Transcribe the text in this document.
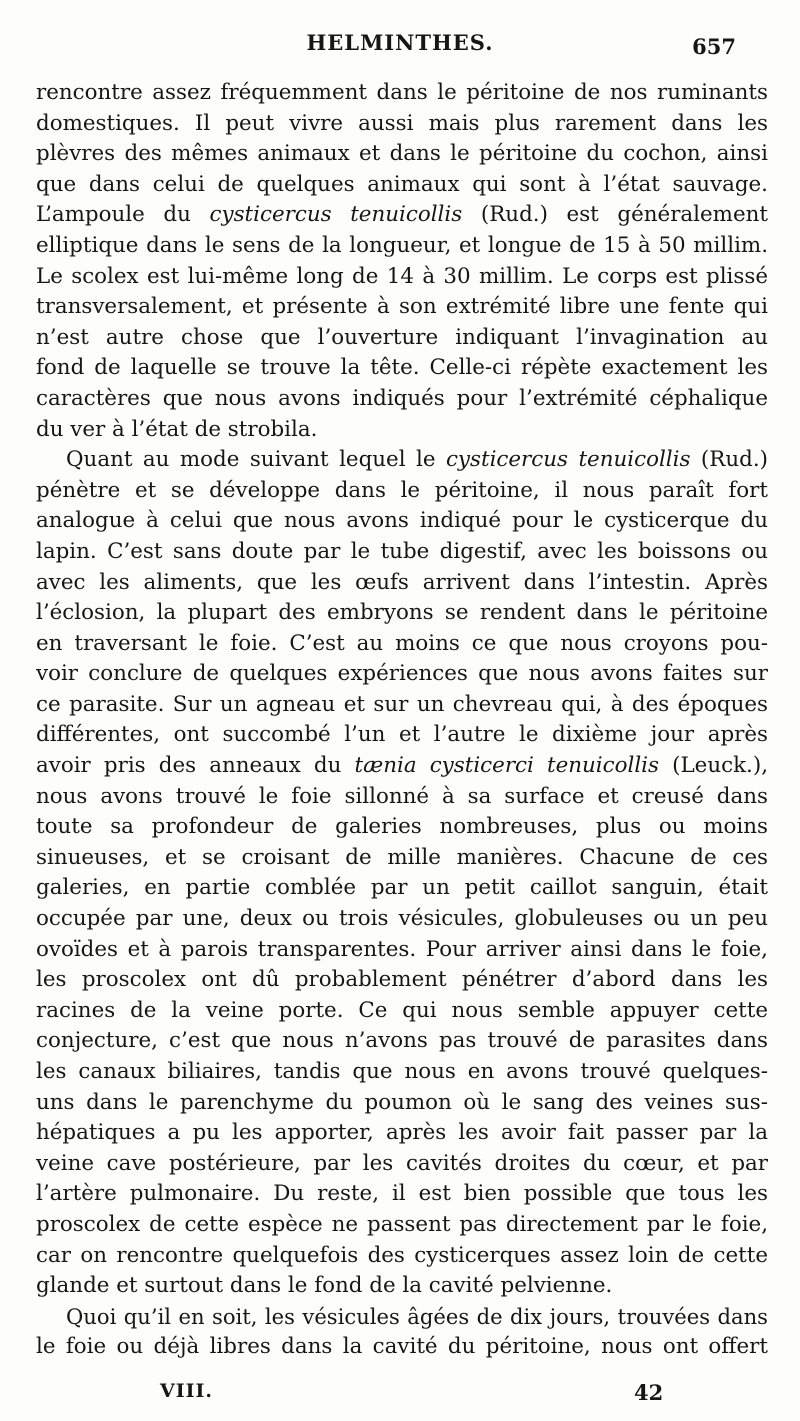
HELMINTHES.	657
rencontre assez fréquemment dans le péritoine de nos ruminants
domestiques. Il peut vivre aussi mais plus rarement dans les
plèvres des mêmes animaux et dans le péritoine du cochon, ainsi
que dans celui de quelques animaux qui sont à l’état sauvage.
L’ampoule du cysticercus tenuicollis (Rud.) est généralement
elliptique dans le sens de la longueur, et longue de 15 à 50 millim.
Le scolex est lui-même long de 14 à 30 millim. Le corps est plissé
transversalement, et présente à son extrémité libre une fente qui
n’est autre chose que l’ouverture indiquant l’invagination au
fond de laquelle se trouve la tête. Celle-ci répète exactement les
caractères que nous avons indiqués pour l’extrémité céphalique
du ver à l’état de strobila.
Quant au mode suivant lequel le cysticercus tenuicollis (Rud.)
pénètre et se développe dans le péritoine, il nous paraît fort
analogue à celui que nous avons indiqué pour le cysticerque du
lapin. C’est sans doute par le tube digestif, avec les boissons ou
avec les aliments, que les œufs arrivent dans l’intestin. Après
l’éclosion, la plupart des embryons se rendent dans le péritoine
en traversant le foie. C’est au moins ce que nous croyons pou-
voir conclure de quelques expériences que nous avons faites sur
ce parasite. Sur un agneau et sur un chevreau qui, à des époques
différentes, ont succombé l’un et l’autre le dixième jour après
avoir pris des anneaux du tænia cysticerci tenuicollis (Leuck.),
nous avons trouvé le foie sillonné à sa surface et creusé dans
toute sa profondeur de galeries nombreuses, plus ou moins
sinueuses, et se croisant de mille manières. Chacune de ces
galeries, en partie comblée par un petit caillot sanguin, était
occupée par une, deux ou trois vésicules, globuleuses ou un peu
ovoïdes et à parois transparentes. Pour arriver ainsi dans le foie,
les proscolex ont dû probablement pénétrer d’abord dans les
racines de la veine porte. Ce qui nous semble appuyer cette
conjecture, c’est que nous n’avons pas trouvé de parasites dans
les canaux biliaires, tandis que nous en avons trouvé quelques-
uns dans le parenchyme du poumon où le sang des veines sus-
hépatiques a pu les apporter, après les avoir fait passer par la
veine cave postérieure, par les cavités droites du cœur, et par
l’artère pulmonaire. Du reste, il est bien possible que tous les
proscolex de cette espèce ne passent pas directement par le foie,
car on rencontre quelquefois des cysticerques assez loin de cette
glande et surtout dans le fond de la cavité pelvienne.
Quoi qu’il en soit, les vésicules âgées de dix jours, trouvées dans
le foie ou déjà libres dans la cavité du péritoine, nous ont offert
VIII.	42
